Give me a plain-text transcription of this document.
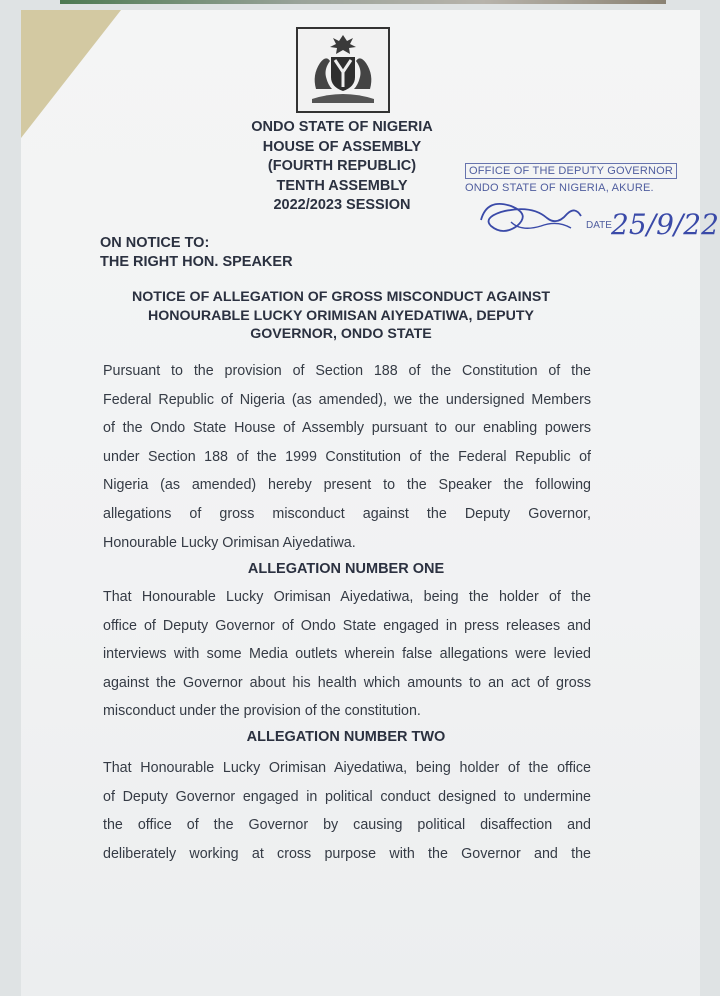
ONDO STATE OF NIGERIA
HOUSE OF ASSEMBLY
(FOURTH REPUBLIC)
TENTH ASSEMBLY
2022/2023 SESSION
OFFICE OF THE DEPUTY GOVERNOR
ONDO STATE OF NIGERIA, AKURE.
DATE 25/9/22
ON NOTICE TO:
THE RIGHT HON. SPEAKER
NOTICE OF ALLEGATION OF GROSS MISCONDUCT AGAINST
HONOURABLE LUCKY ORIMISAN AIYEDATIWA, DEPUTY
GOVERNOR, ONDO STATE
Pursuant to the provision of Section 188 of the Constitution of the
Federal Republic of Nigeria (as amended), we the undersigned Members
of the Ondo State House of Assembly pursuant to our enabling powers
under Section 188 of the 1999 Constitution of the Federal Republic of
Nigeria (as amended) hereby present to the Speaker the following
allegations of gross misconduct against the Deputy Governor,
Honourable Lucky Orimisan Aiyedatiwa.
ALLEGATION NUMBER ONE
That Honourable Lucky Orimisan Aiyedatiwa, being the holder of the
office of Deputy Governor of Ondo State engaged in press releases and
interviews with some Media outlets wherein false allegations were levied
against the Governor about his health which amounts to an act of gross
misconduct under the provision of the constitution.
ALLEGATION NUMBER TWO
That Honourable Lucky Orimisan Aiyedatiwa, being holder of the office
of Deputy Governor engaged in political conduct designed to undermine
the office of the Governor by causing political disaffection and
deliberately working at cross purpose with the Governor and the
